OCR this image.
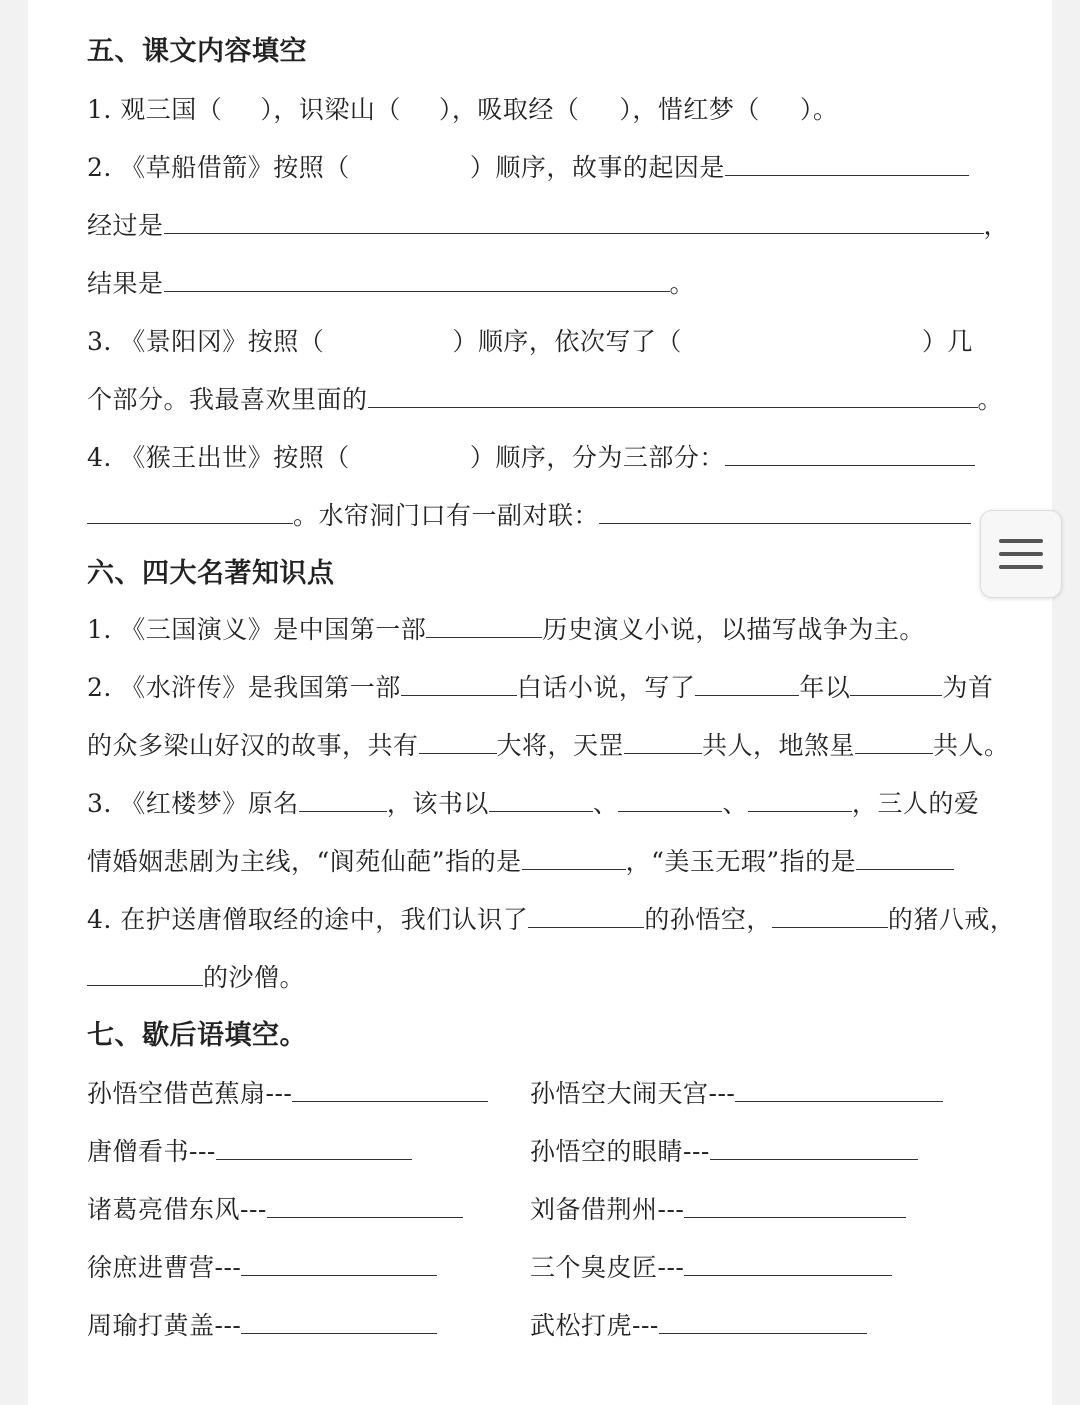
五、课文内容填空
1. 观三国（ ），识梁山（ ），吸取经（ ），惜红梦（ ）。
2. 《草船借箭》按照（	）顺序，故事的起因是
经过是	，
结果是	。
3. 《景阳冈》按照（	）顺序，依次写了（	）几
个部分。我最喜欢里面的	。
4. 《猴王出世》按照（	）顺序，分为三部分：
。水帘洞门口有一副对联：
六、四大名著知识点
1. 《三国演义》是中国第一部	历史演义小说，以描写战争为主。
2. 《水浒传》是我国第一部	白话小说，写了	年以	为首
的众多梁山好汉的故事，共有	大将，天罡	共人，地煞星	共人。
3. 《红楼梦》原名	，该书以	、	、	，三人的爱
情婚姻悲剧为主线，“阆苑仙葩”指的是	，“美玉无瑕”指的是
4. 在护送唐僧取经的途中，我们认识了	的孙悟空，	的猪八戒，
的沙僧。
七、歇后语填空。
孙悟空借芭蕉扇---	孙悟空大闹天宫---
唐僧看书---	孙悟空的眼睛---
诸葛亮借东风---	刘备借荆州---
徐庶进曹营---	三个臭皮匠---
周瑜打黄盖---	武松打虎---
